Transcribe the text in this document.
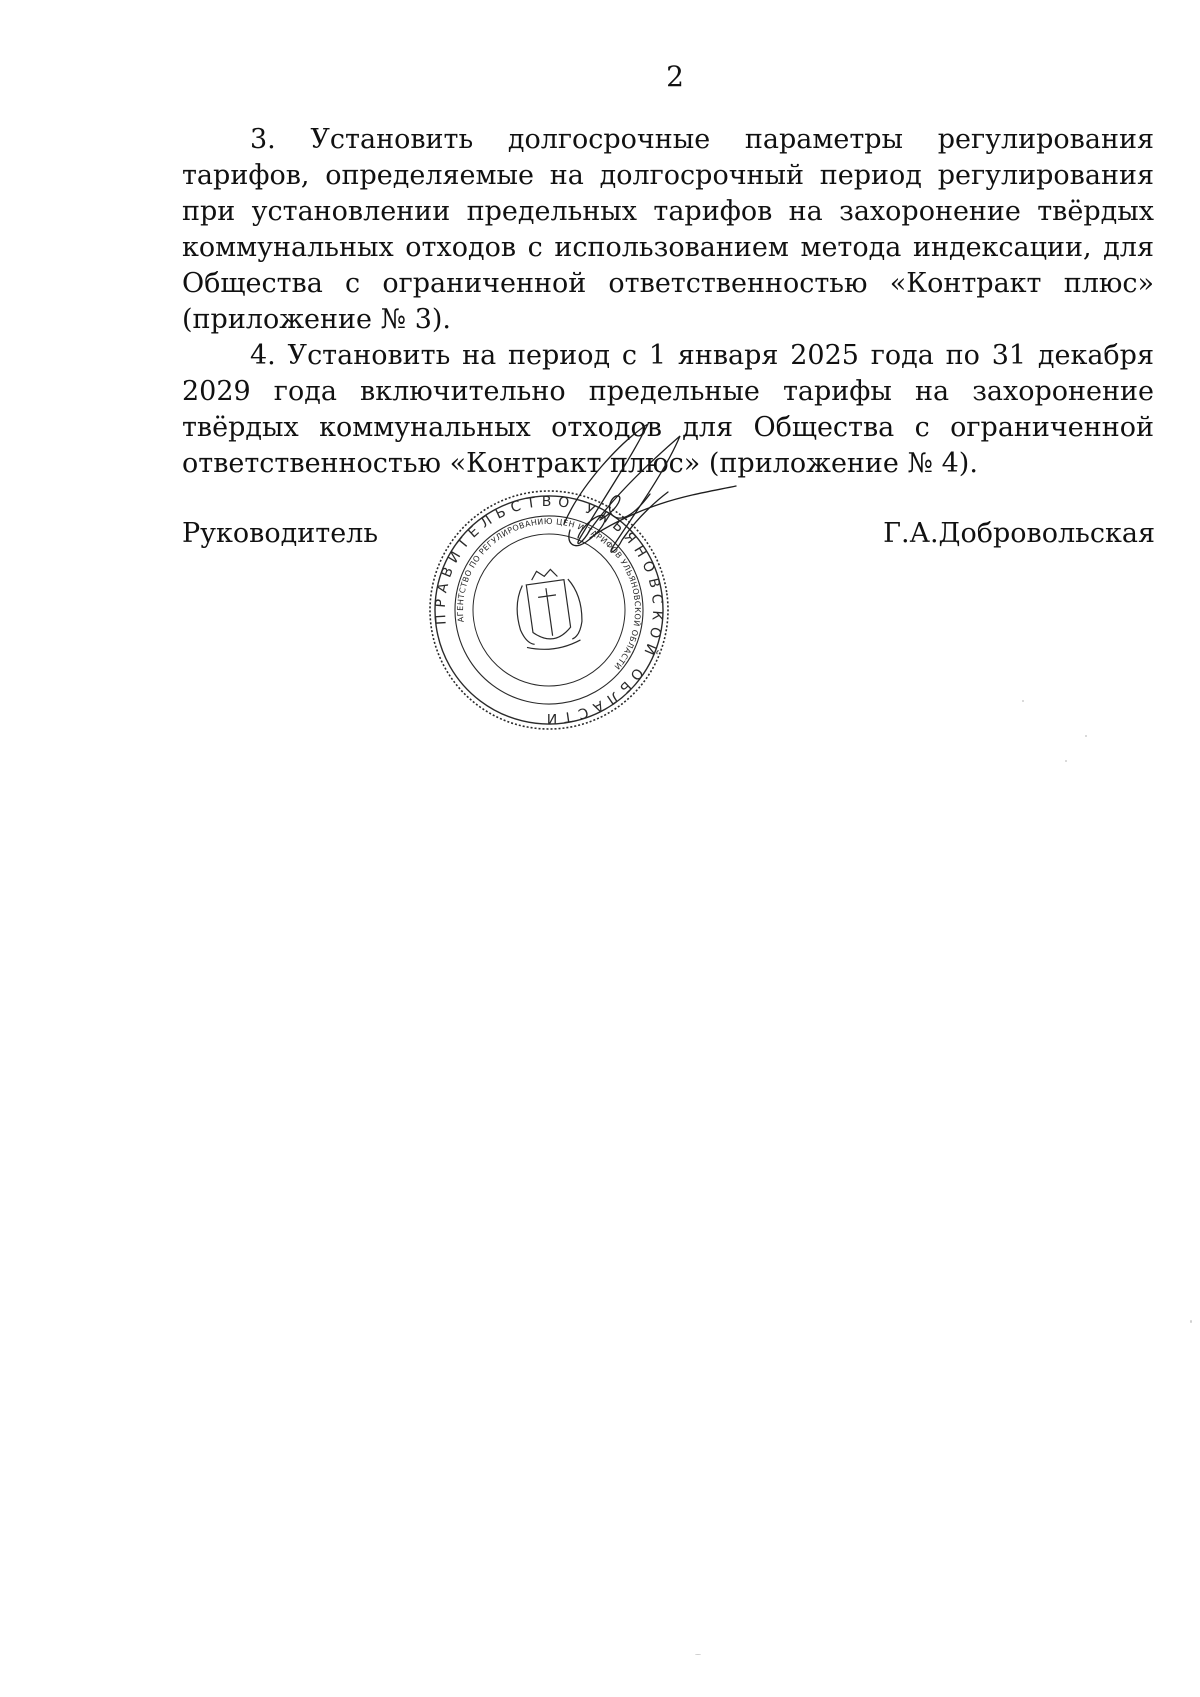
2

3. Установить долгосрочные параметры регулирования тарифов, определяемые на долгосрочный период регулирования при установлении предельных тарифов на захоронение твёрдых коммунальных отходов с использованием метода индексации, для Общества с ограниченной ответственностью «Контракт плюс» (приложение № 3).

4. Установить на период с 1 января 2025 года по 31 декабря 2029 года включительно предельные тарифы на захоронение твёрдых коммунальных отходов для Общества с ограниченной ответственностью «Контракт плюс» (приложение № 4).

Руководитель	Г.А.Добровольская
ПРАВИТЕЛЬСТВО УЛЬЯНОВСКОЙ ОБЛАСТИ
АГЕНТСТВО ПО РЕГУЛИРОВАНИЮ ЦЕН И ТАРИФОВ УЛЬЯНОВСКОЙ ОБЛАСТИ
